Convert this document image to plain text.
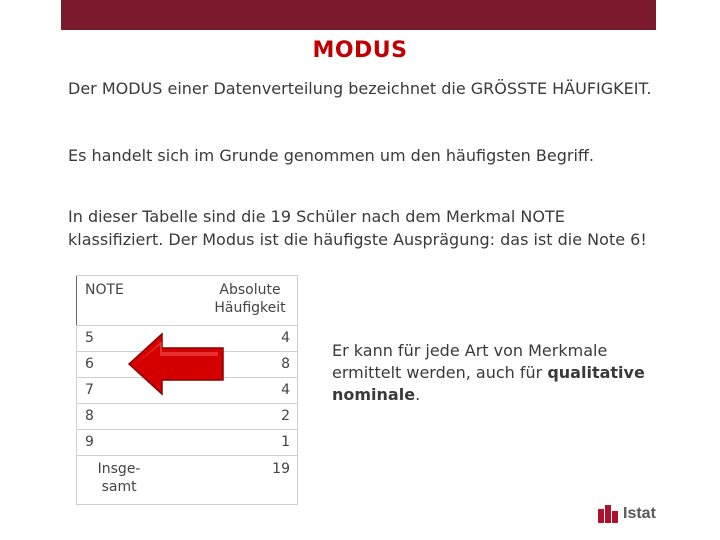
MODUS
Der MODUS einer Datenverteilung bezeichnet die GRÖSSTE HÄUFIGKEIT.
Es handelt sich im Grunde genommen um den häufigsten Begriff.
In dieser Tabelle sind die 19 Schüler nach dem Merkmal NOTE klassifiziert. Der Modus ist die häufigste Ausprägung: das ist die Note 6!
NOTE	Absolute Häufigkeit
5	4
6	8
7	4
8	2
9	1
Insge-samt	19
Er kann für jede Art von Merkmale ermittelt werden, auch für qualitative nominale.
Istat
